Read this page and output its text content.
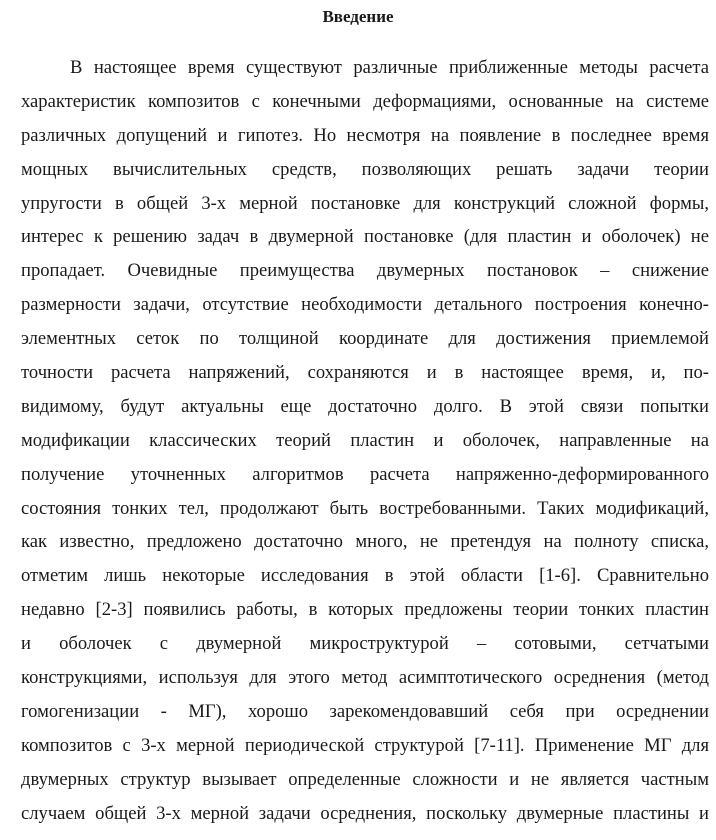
Введение
В настоящее время существуют различные приближенные методы расчета
характеристик композитов с конечными деформациями, основанные на системе
различных допущений и гипотез. Но несмотря на появление в последнее время
мощных вычислительных средств, позволяющих решать задачи теории
упругости в общей 3-х мерной постановке для конструкций сложной формы,
интерес к решению задач в двумерной постановке (для пластин и оболочек) не
пропадает. Очевидные преимущества двумерных постановок – снижение
размерности задачи, отсутствие необходимости детального построения конечно-
элементных сеток по толщиной координате для достижения приемлемой
точности расчета напряжений, сохраняются и в настоящее время, и, по-
видимому, будут актуальны еще достаточно долго. В этой связи попытки
модификации классических теорий пластин и оболочек, направленные на
получение уточненных алгоритмов расчета напряженно-деформированного
состояния тонких тел, продолжают быть востребованными. Таких модификаций,
как известно, предложено достаточно много, не претендуя на полноту списка,
отметим лишь некоторые исследования в этой области [1-6]. Сравнительно
недавно [2-3] появились работы, в которых предложены теории тонких пластин
и оболочек с двумерной микроструктурой – сотовыми, сетчатыми
конструкциями, используя для этого метод асимптотического осреднения (метод
гомогенизации - МГ), хорошо зарекомендовавший себя при осреднении
композитов с 3-х мерной периодической структурой [7-11]. Применение МГ для
двумерных структур вызывает определенные сложности и не является частным
случаем общей 3-х мерной задачи осреднения, поскольку двумерные пластины и
